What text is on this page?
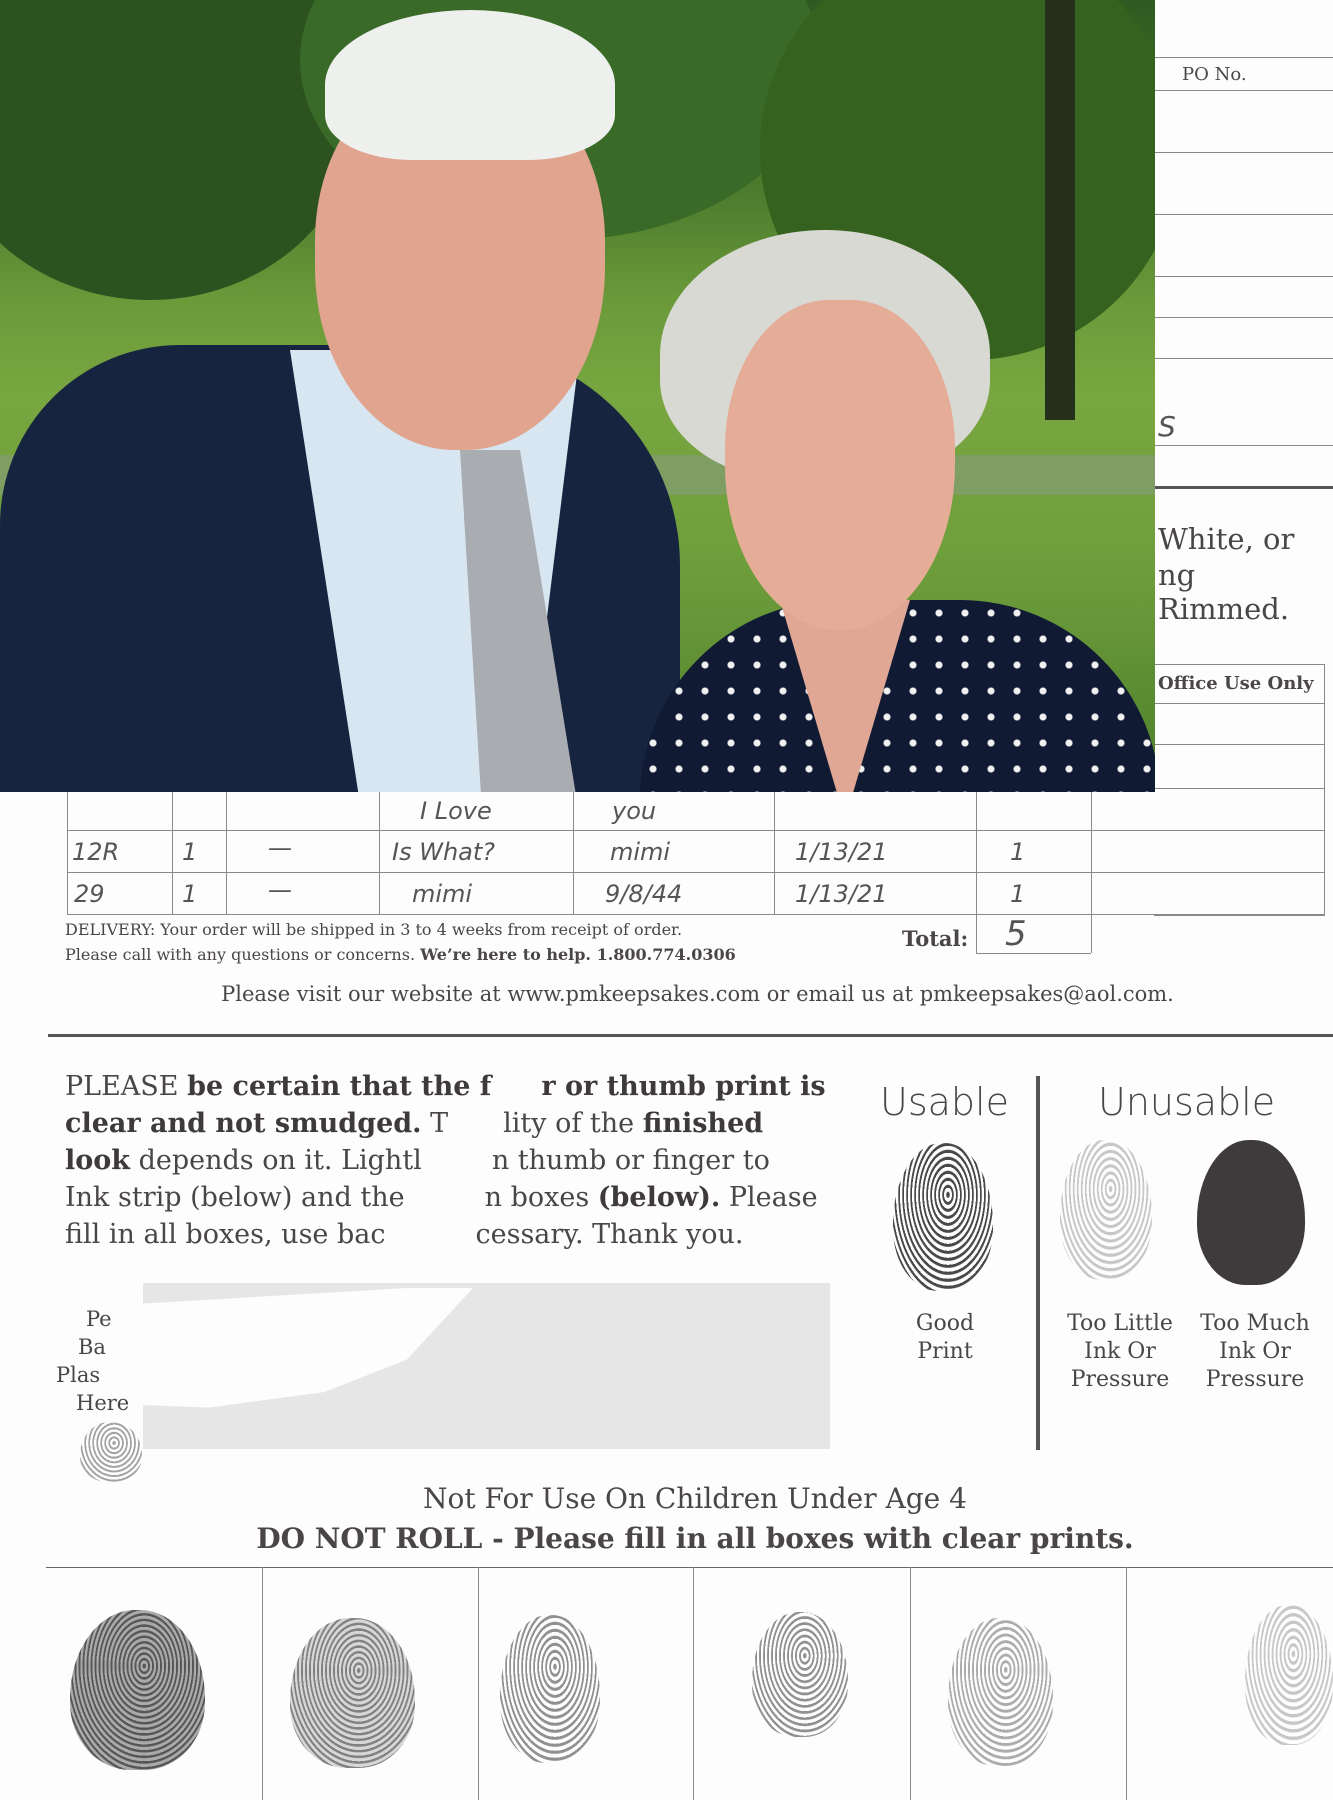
PO No.
S
White, or
ng Rimmed.
Office Use Only
I Love	you
12R	1	—	Is What?	mimi	1/13/21	1
29	1	—	mimi	9/8/44	1/13/21	1
Total: 5
DELIVERY: Your order will be shipped in 3 to 4 weeks from receipt of order.
Please call with any questions or concerns. We’re here to help. 1.800.774.0306
Please visit our website at www.pmkeepsakes.com or email us at pmkeepsakes@aol.com.
PLEASE be certain that the f r or thumb print is
clear and not smudged. T lity of the finished
look depends on it. Lightl	n thumb or finger to
Ink strip (below) and the	n boxes (below). Please
fill in all boxes, use bac	cessary. Thank you.
Pe
Ba
Plas
Here
Usable Unusable
Good
Print
Too Little
Ink Or
Pressure
Too Much
Ink Or
Pressure
Not For Use On Children Under Age 4
DO NOT ROLL - Please fill in all boxes with clear prints.
